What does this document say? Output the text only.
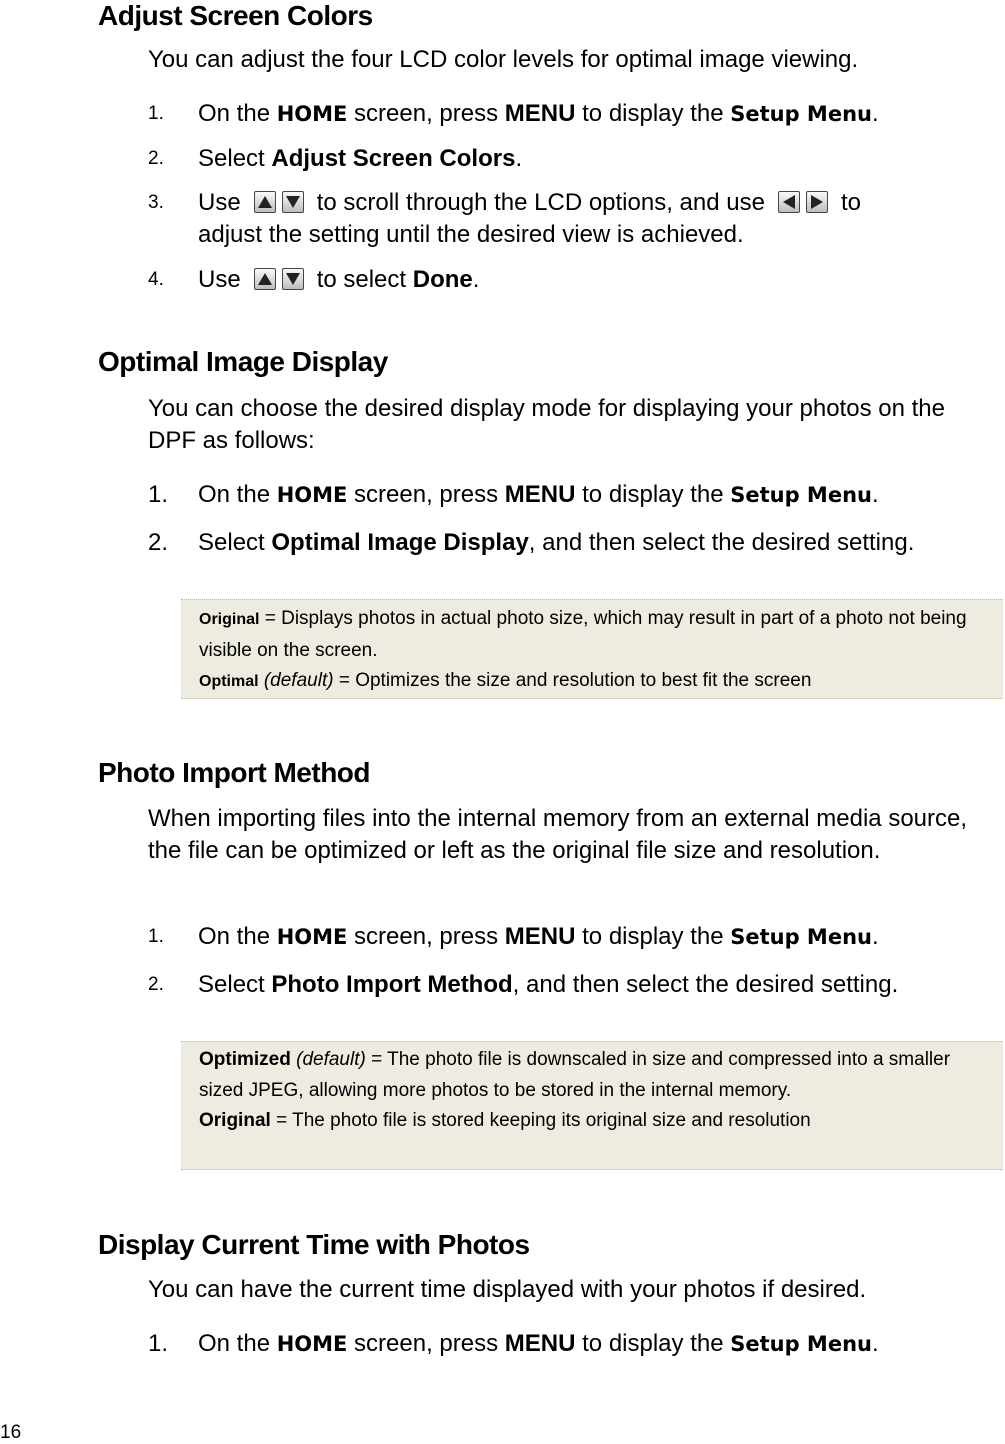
Adjust Screen Colors
You can adjust the four LCD color levels for optimal image viewing.
1. On the HOME screen, press MENU to display the Setup Menu.
2. Select Adjust Screen Colors.
3. Use	to scroll through the LCD options, and use	to
adjust the setting until the desired view is achieved.
4. Use	to select Done.
Optimal Image Display
You can choose the desired display mode for displaying your photos on the DPF as follows:
1. On the HOME screen, press MENU to display the Setup Menu.
2. Select Optimal Image Display, and then select the desired setting.
Original = Displays photos in actual photo size, which may result in part of a photo not being visible on the screen.
Optimal (default) = Optimizes the size and resolution to best fit the screen
Photo Import Method
When importing files into the internal memory from an external media source, the file can be optimized or left as the original file size and resolution.
1. On the HOME screen, press MENU to display the Setup Menu.
2. Select Photo Import Method, and then select the desired setting.
Optimized (default) = The photo file is downscaled in size and compressed into a smaller sized JPEG, allowing more photos to be stored in the internal memory.
Original = The photo file is stored keeping its original size and resolution
Display Current Time with Photos
You can have the current time displayed with your photos if desired.
1. On the HOME screen, press MENU to display the Setup Menu.
16
